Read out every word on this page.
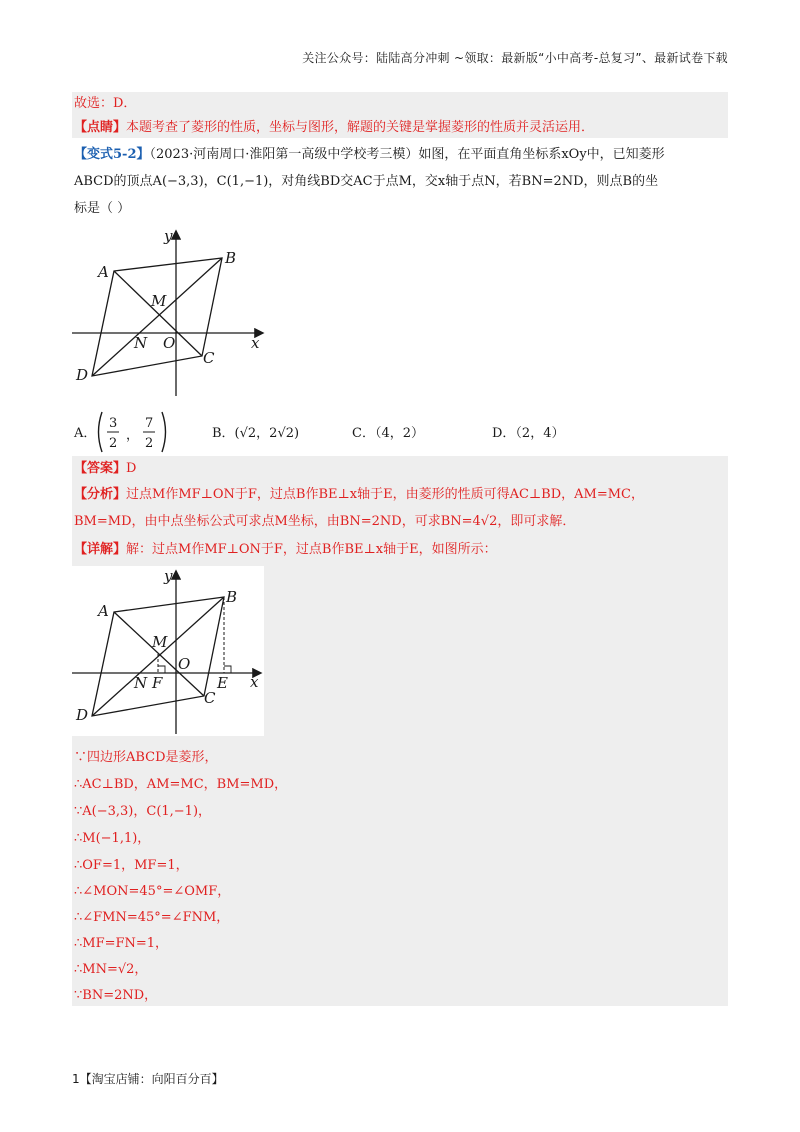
关注公众号：陆陆高分冲刺 ~领取：最新版“小中高考-总复习”、最新试卷下载
故选：D．
【点睛】本题考查了菱形的性质，坐标与图形，解题的关键是掌握菱形的性质并灵活运用．
【变式5-2】（2023·河南周口·淮阳第一高级中学校考三模）如图，在平面直角坐标系xOy中，已知菱形
ABCD的顶点A(−3,3)，C(1,−1)，对角线BD交AC于点M，交x轴于点N，若BN=2ND，则点B的坐
标是（ ）
y
x
A
B
C
D
M
N O
A．
3
2
，
7
2
B．(√2，2√2)	C．（4，2）	D．（2，4）
【答案】D
【分析】过点M作MF⊥ON于F，过点B作BE⊥x轴于E，由菱形的性质可得AC⊥BD，AM=MC，
BM=MD，由中点坐标公式可求点M坐标，由BN=2ND，可求BN=4√2，即可求解．
【详解】解：过点M作MF⊥ON于F，过点B作BE⊥x轴于E，如图所示：
y
x
A
B
C
D
M
O
N F	E
∵四边形ABCD是菱形，
∴AC⊥BD，AM=MC，BM=MD，
∵A(−3,3)，C(1,−1)，
∴M(−1,1)，
∴OF=1，MF=1，
∴∠MON=45°=∠OMF，
∴∠FMN=45°=∠FNM，
∴MF=FN=1，
∴MN=√2，
∵BN=2ND，
1【淘宝店铺：向阳百分百】
